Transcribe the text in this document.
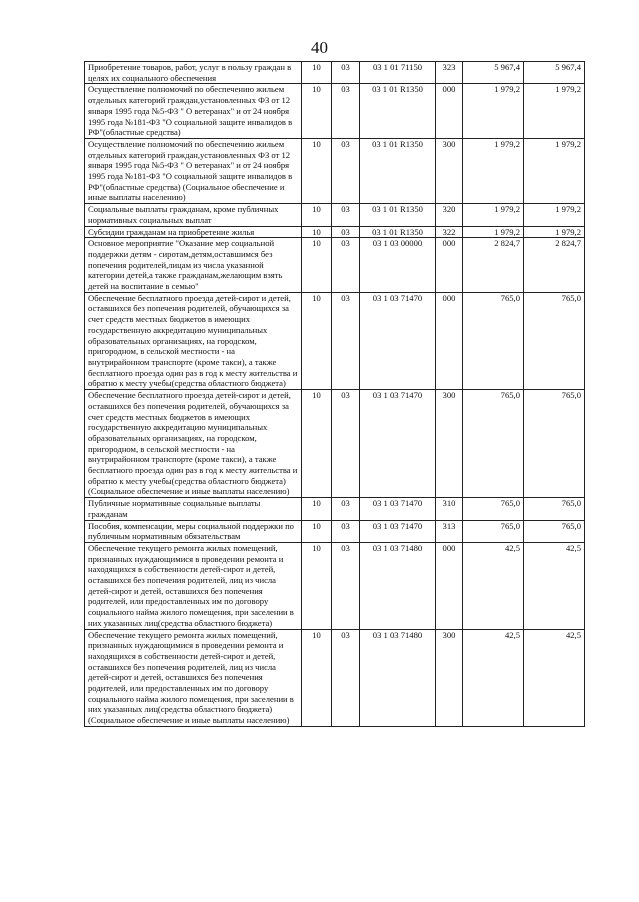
40
Приобретение товаров, работ, услуг в пользу граждан в целях их социального обеспечения	10	03	03 1 01 71150	323	5 967,4	5 967,4
Осуществление полномочий по обеспечению жильем отдельных категорий граждан,установленных ФЗ от 12 января 1995 года №5-ФЗ " О ветеранах" и от 24 ноября 1995 года №181-ФЗ "О социальной защите инвалидов в РФ"(областные средства)	10	03	03 1 01 R1350	000	1 979,2	1 979,2
Осуществление полномочий по обеспечению жильем отдельных категорий граждан,установленных ФЗ от 12 января 1995 года №5-ФЗ " О ветеранах" и от 24 ноября 1995 года №181-ФЗ "О социальной защите инвалидов в РФ"(областные средства) (Социальное обеспечение и иные выплаты населению)	10	03	03 1 01 R1350	300	1 979,2	1 979,2
Социальные выплаты гражданам, кроме публичных нормативных социальных выплат	10	03	03 1 01 R1350	320	1 979,2	1 979,2
Субсидии гражданам на приобретение жилья	10	03	03 1 01 R1350	322	1 979,2	1 979,2
Основное мероприятие "Оказание мер социальной поддержки детям - сиротам,детям,оставшимся без попечения родителей,лицам из числа указанной категории детей,а также гражданам,желающим взять детей на воспитание в семью"	10	03	03 1 03 00000	000	2 824,7	2 824,7
Обеспечение бесплатного проезда детей-сирот и детей, оставшихся без попечения родителей, обучающихся за счет средств местных бюджетов в имеющих государственную аккредитацию муниципальных образовательных организациях, на городском, пригородном, в сельской местности - на внутрирайонном транспорте (кроме такси), а также бесплатного проезда один раз в год к месту жительства и обратно к месту учебы(средства областного бюджета)	10	03	03 1 03 71470	000	765,0	765,0
Обеспечение бесплатного проезда детей-сирот и детей, оставшихся без попечения родителей, обучающихся за счет средств местных бюджетов в имеющих государственную аккредитацию муниципальных образовательных организациях, на городском, пригородном, в сельской местности - на внутрирайонном транспорте (кроме такси), а также бесплатного проезда один раз в год к месту жительства и обратно к месту учебы(средства областного бюджета) (Социальное обеспечение и иные выплаты населению)	10	03	03 1 03 71470	300	765,0	765,0
Публичные нормативные социальные выплаты гражданам	10	03	03 1 03 71470	310	765,0	765,0
Пособия, компенсации, меры социальной поддержки по публичным нормативным обязательствам	10	03	03 1 03 71470	313	765,0	765,0
Обеспечение текущего ремонта жилых помещений, признанных нуждающимися в проведении ремонта и находящихся в собственности детей-сирот и детей, оставшихся без попечения родителей, лиц из числа детей-сирот и детей, оставшихся без попечения родителей, или предоставленных им по договору социального найма жилого помещения, при заселении в них указанных лиц(средства областного бюджета)	10	03	03 1 03 71480	000	42,5	42,5
Обеспечение текущего ремонта жилых помещений, признанных нуждающимися в проведении ремонта и находящихся в собственности детей-сирот и детей, оставшихся без попечения родителей, лиц из числа детей-сирот и детей, оставшихся без попечения родителей, или предоставленных им по договору социального найма жилого помещения, при заселении в них указанных лиц(средства областного бюджета) (Социальное обеспечение и иные выплаты населению)	10	03	03 1 03 71480	300	42,5	42,5
